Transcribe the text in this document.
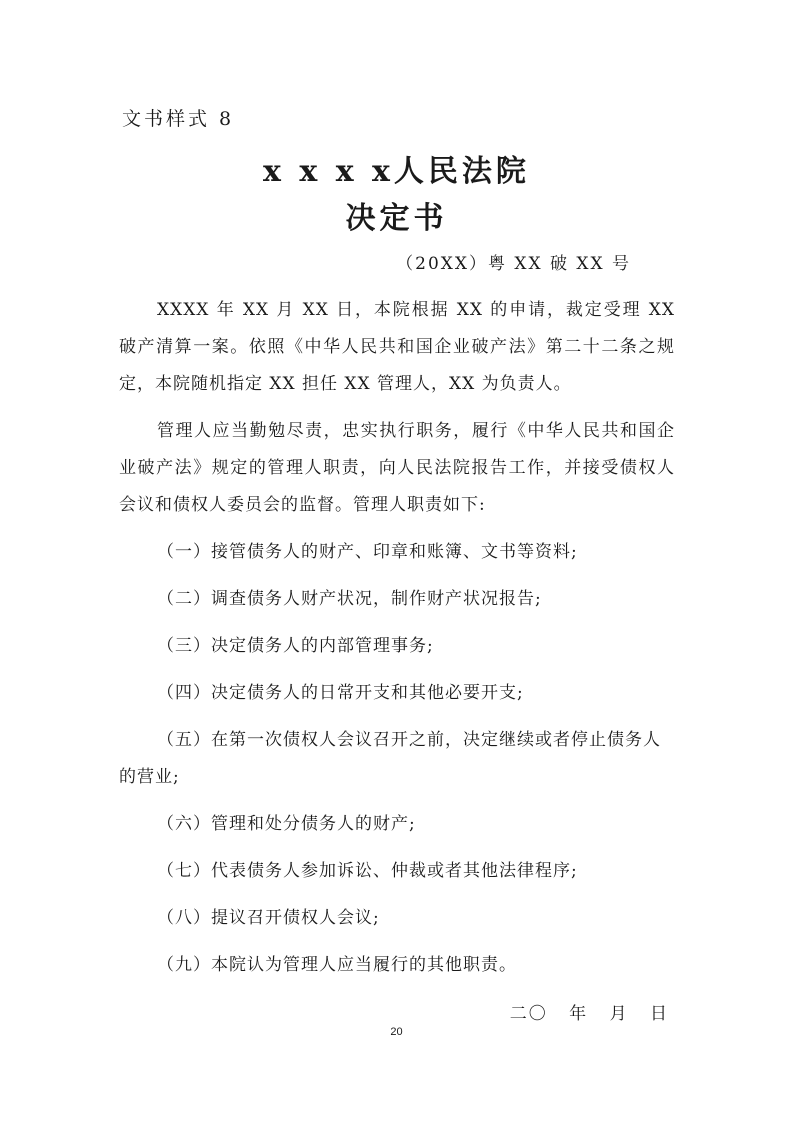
文书样式 8
x x x x人民法院
决定书
（20XX）粤 XX 破 XX 号

XXXX 年 XX 月 XX 日，本院根据 XX 的申请，裁定受理 XX 破产清算一案。依照《中华人民共和国企业破产法》第二十二条之规定，本院随机指定 XX 担任 XX 管理人，XX 为负责人。

管理人应当勤勉尽责，忠实执行职务，履行《中华人民共和国企业破产法》规定的管理人职责，向人民法院报告工作，并接受债权人会议和债权人委员会的监督。管理人职责如下:

（一）接管债务人的财产、印章和账簿、文书等资料;

（二）调查债务人财产状况，制作财产状况报告;

（三）决定债务人的内部管理事务;

（四）决定债务人的日常开支和其他必要开支;

（五）在第一次债权人会议召开之前，决定继续或者停止债务人的营业;

（六）管理和处分债务人的财产;

（七）代表债务人参加诉讼、仲裁或者其他法律程序;

（八）提议召开债权人会议;

（九）本院认为管理人应当履行的其他职责。

二〇 年 月 日
20
